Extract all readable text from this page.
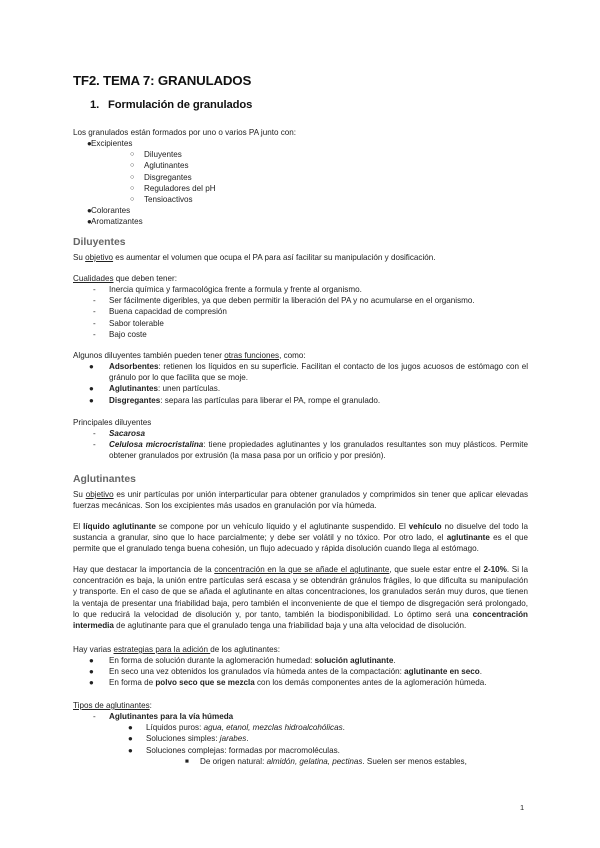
TF2. TEMA 7: GRANULADOS
1. Formulación de granulados

Los granulados están formados por uno o varios PA junto con:

● Excipientes
○ Diluyentes
○ Aglutinantes
○ Disgregantes
○ Reguladores del pH
○ Tensioactivos
● Colorantes
● Aromatizantes
Diluyentes

Su objetivo es aumentar el volumen que ocupa el PA para así facilitar su manipulación y dosificación.

Cualidades que deben tener:

- Inercia química y farmacológica frente a formula y frente al organismo.
- Ser fácilmente digeribles, ya que deben permitir la liberación del PA y no acumularse en el organismo.
- Buena capacidad de compresión
- Sabor tolerable
- Bajo coste

Algunos diluyentes también pueden tener otras funciones, como:

● Adsorbentes: retienen los líquidos en su superficie. Facilitan el contacto de los jugos acuosos de estómago con el gránulo por lo que facilita que se moje.
● Aglutinantes: unen partículas.
● Disgregantes: separa las partículas para liberar el PA, rompe el granulado.

Principales diluyentes

- Sacarosa
- Celulosa microcristalina: tiene propiedades aglutinantes y los granulados resultantes son muy plásticos. Permite obtener granulados por extrusión (la masa pasa por un orificio y por presión).
Aglutinantes

Su objetivo es unir partículas por unión interparticular para obtener granulados y comprimidos sin tener que aplicar elevadas fuerzas mecánicas. Son los excipientes más usados en granulación por vía húmeda.

El líquido aglutinante se compone por un vehículo líquido y el aglutinante suspendido. El vehículo no disuelve del todo la sustancia a granular, sino que lo hace parcialmente; y debe ser volátil y no tóxico. Por otro lado, el aglutinante es el que permite que el granulado tenga buena cohesión, un flujo adecuado y rápida disolución cuando llega al estómago.

Hay que destacar la importancia de la concentración en la que se añade el aglutinante, que suele estar entre el 2-10%. Si la concentración es baja, la unión entre partículas será escasa y se obtendrán gránulos frágiles, lo que dificulta su manipulación y transporte. En el caso de que se añada el aglutinante en altas concentraciones, los granulados serán muy duros, que tienen la ventaja de presentar una friabilidad baja, pero también el inconveniente de que el tiempo de disgregación será prolongado, lo que reducirá la velocidad de disolución y, por tanto, también la biodisponibilidad. Lo óptimo será una concentración intermedia de aglutinante para que el granulado tenga una friabilidad baja y una alta velocidad de disolución.

Hay varias estrategias para la adición de los aglutinantes:

● En forma de solución durante la aglomeración humedad: solución aglutinante.
● En seco una vez obtenidos los granulados vía húmeda antes de la compactación: aglutinante en seco.
● En forma de polvo seco que se mezcla con los demás componentes antes de la aglomeración húmeda.

Tipos de aglutinantes:

- Aglutinantes para la vía húmeda
● Líquidos puros: agua, etanol, mezclas hidroalcohólicas.
● Soluciones simples: jarabes.
● Soluciones complejas: formadas por macromoléculas.
■ De origen natural: almidón, gelatina, pectinas. Suelen ser menos estables,

1
